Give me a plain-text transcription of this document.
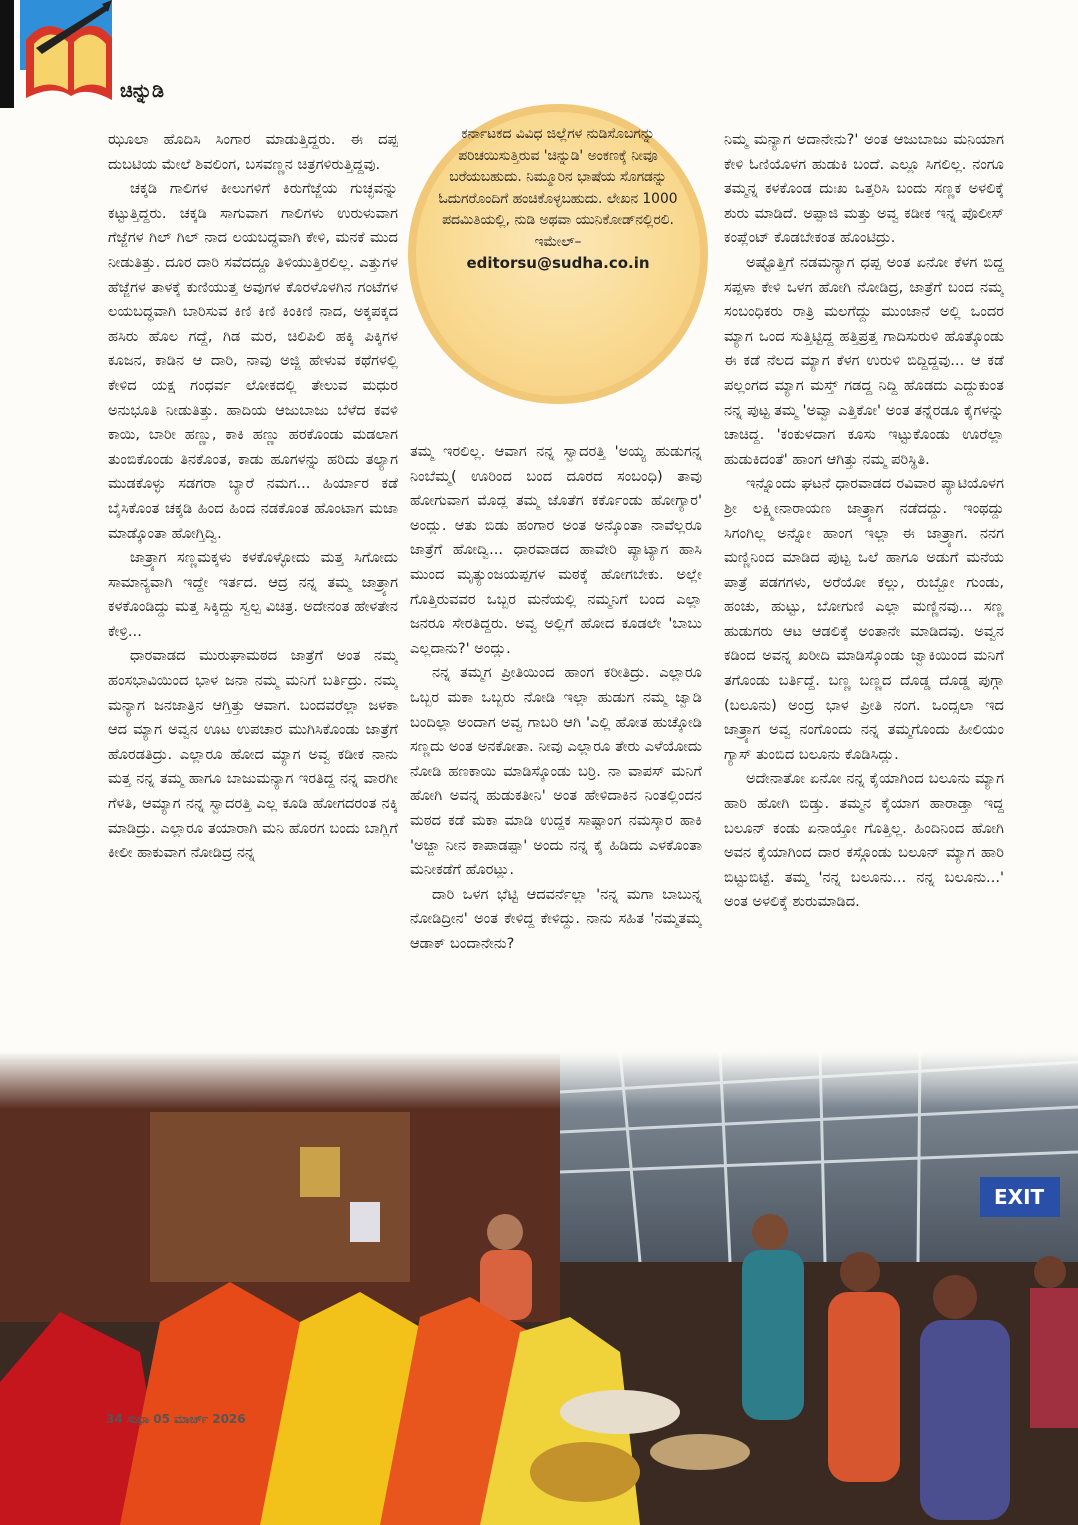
ಚಿನ್ನುಡಿ

ಝೂಲಾ ಹೊದಿಸಿ ಸಿಂಗಾರ ಮಾಡುತ್ತಿದ್ದರು. ಈ ದಪ್ಪ ದುಬಟಿಯ ಮೇಲೆ ಶಿವಲಿಂಗ, ಬಸವಣ್ಣನ ಚಿತ್ರಗಳಿರುತ್ತಿದ್ದವು.

ಚಕ್ಕಡಿ ಗಾಲಿಗಳ ಕೀಲುಗಳಿಗೆ ಕಿರುಗೆಜ್ಜೆಯ ಗುಚ್ಛವನ್ನು ಕಟ್ಟುತ್ತಿದ್ದರು. ಚಕ್ಕಡಿ ಸಾಗುವಾಗ ಗಾಲಿಗಳು ಉರುಳುವಾಗ ಗೆಜ್ಜೆಗಳ ಗಿಲ್ ಗಿಲ್ ನಾದ ಲಯಬದ್ಧವಾಗಿ ಕೇಳಿ, ಮನಕೆ ಮುದ ನೀಡುತಿತ್ತು. ದೂರ ದಾರಿ ಸವೆದದ್ದೂ ತಿಳಿಯುತ್ತಿರಲಿಲ್ಲ. ಎತ್ತುಗಳ ಹೆಜ್ಜೆಗಳ ತಾಳಕ್ಕೆ ಕುಣಿಯುತ್ತ ಅವುಗಳ ಕೊರಳೊಳಗಿನ ಗಂಟೆಗಳ ಲಯಬದ್ಧವಾಗಿ ಬಾರಿಸುವ ಕಿಣಿ ಕಿಣಿ ಕಿಂಕಿಣಿ ನಾದ, ಅಕ್ಕಪಕ್ಕದ ಹಸಿರು ಹೊಲ ಗದ್ದೆ, ಗಿಡ ಮರ, ಚಿಲಿಪಿಲಿ ಹಕ್ಕಿ ಪಿಕ್ಕಿಗಳ ಕೂಜನ, ಕಾಡಿನ ಆ ದಾರಿ, ನಾವು ಅಜ್ಜಿ ಹೇಳುವ ಕಥೆಗಳಲ್ಲಿ ಕೇಳಿದ ಯಕ್ಷ ಗಂಧರ್ವ ಲೋಕದಲ್ಲಿ ತೇಲುವ ಮಧುರ ಅನುಭೂತಿ ನೀಡುತಿತ್ತು. ಹಾದಿಯ ಆಜುಬಾಜು ಬೆಳೆದ ಕವಳಿ ಕಾಯಿ, ಬಾರೀ ಹಣ್ಣು, ಕಾಕಿ ಹಣ್ಣು ಹರಕೊಂಡು ಮಡಲಾಗ ತುಂಬಿಕೊಂಡು ತಿನಕೊಂತ, ಕಾಡು ಹೂಗಳನ್ನು ಹರಿದು ತಲ್ಯಾಗ ಮುಡಕೊಳ್ಳು ಸಡಗರಾ ಬ್ಯಾರೆ ನಮಗ... ಹಿರ್ಯಾರ ಕಡೆ ಬೈಸಿಕೊಂತ ಚಕ್ಕಡಿ ಹಿಂದ ಹಿಂದ ನಡಕೊಂತ ಹೊಂಟಾಗ ಮಜಾ ಮಾಡ್ಕೊಂತಾ ಹೋಗ್ತಿದ್ವಿ.

ಜಾತ್ರ್ಯಾಗ ಸಣ್ಣಮಕ್ಕಳು ಕಳಕೊಳ್ಳೋದು ಮತ್ತ ಸಿಗೋದು ಸಾಮಾನ್ಯವಾಗಿ ಇದ್ದೇ ಇರ್ತದ. ಆದ್ರ ನನ್ನ ತಮ್ಮ ಜಾತ್ರ್ಯಾಗ ಕಳಕೊಂಡಿದ್ದು ಮತ್ತ ಸಿಕ್ಕಿದ್ದು ಸ್ವಲ್ಪ ವಿಚಿತ್ರ. ಅದೇನಂತ ಹೇಳತೇನ ಕೇಳ್ರಿ...

ಧಾರವಾಡದ ಮುರುಘಾಮಠದ ಜಾತ್ರೆಗೆ ಅಂತ ನಮ್ಮ ಹಂಸಭಾವಿಯಿಂದ ಭಾಳ ಜನಾ ನಮ್ಮ ಮನಿಗೆ ಬರ್ತಿದ್ರು. ನಮ್ಮ ಮನ್ಯಾಗ ಜನಜಾತ್ರಿನ ಆಗ್ತಿತ್ತು ಆವಾಗ. ಬಂದವರೆಲ್ಲಾ ಜಳಕಾ ಆದ ಮ್ಯಾಗ ಅವ್ವನ ಊಟ ಉಪಚಾರ ಮುಗಿಸಿಕೊಂಡು ಜಾತ್ರೆಗೆ ಹೊರಡತಿದ್ರು. ಎಲ್ಲಾರೂ ಹೋದ ಮ್ಯಾಗ ಅವ್ವ ಕಡೀಕ ನಾನು ಮತ್ತ ನನ್ನ ತಮ್ಮ ಹಾಗೂ ಬಾಜುಮನ್ಯಾಗ ಇರತಿದ್ದ ನನ್ನ ವಾರಗೀ ಗೆಳತಿ, ಆಮ್ಯಾಗ ನನ್ನ ಸ್ವಾದರತ್ತಿ ಎಲ್ಲ ಕೂಡಿ ಹೋಗದರಂತ ನಕ್ಕಿ ಮಾಡಿದ್ರು. ಎಲ್ಲಾರೂ ತಯಾರಾಗಿ ಮನಿ ಹೊರಗ ಬಂದು ಬಾಗ್ಲಿಗೆ ಕೀಲೀ ಹಾಕುವಾಗ ನೋಡಿದ್ರ ನನ್ನ

ಕರ್ನಾಟಕದ ವಿವಿಧ ಜಿಲ್ಲೆಗಳ ನುಡಿಸೊಬಗನ್ನು ಪರಿಚಯಿಸುತ್ತಿರುವ 'ಚಿನ್ನುಡಿ' ಅಂಕಣಕ್ಕೆ ನೀವೂ ಬರೆಯಬಹುದು. ನಿಮ್ಮೂರಿನ ಭಾಷೆಯ ಸೊಗಡನ್ನು ಓದುಗರೊಂದಿಗೆ ಹಂಚಿಕೊಳ್ಳಬಹುದು. ಲೇಖನ 1000 ಪದಮಿತಿಯಲ್ಲಿ, ನುಡಿ ಅಥವಾ ಯುನಿಕೋಡ್‌ನಲ್ಲಿರಲಿ. ಇಮೇಲ್–
editorsu@sudha.co.in

ತಮ್ಮ ಇರಲಿಲ್ಲ. ಆವಾಗ ನನ್ನ ಸ್ವಾದರತ್ತಿ 'ಅಯ್ಯ ಹುಡುಗನ್ನ ನಿಂಬೆಮ್ಮ( ಊರಿಂದ ಬಂದ ದೂರದ ಸಂಬಂಧಿ) ತಾವು ಹೋಗುವಾಗ ಮೊದ್ಲ ತಮ್ಮ ಜೊತೆಗ ಕರ್ಕೊಂಡು ಹೋಗ್ಯಾರ' ಅಂದ್ಲು. ಆತು ಬಿಡು ಹಂಗಾರ ಅಂತ ಅನ್ಕೊಂತಾ ನಾವೆಲ್ಲರೂ ಜಾತ್ರೆಗೆ ಹೋದ್ವಿ... ಧಾರವಾಡದ ಹಾವೇರಿ ಪ್ಯಾಟ್ಯಾಗ ಹಾಸಿ ಮುಂದ ಮೃತ್ಯುಂಜಯಪ್ಪಗಳ ಮಠಕ್ಕೆ ಹೋಗಬೇಕು. ಅಲ್ಲೇ ಗೊತ್ತಿರುವವರ ಒಬ್ಬರ ಮನೆಯಲ್ಲಿ ನಮ್ಮನಿಗೆ ಬಂದ ಎಲ್ಲಾ ಜನರೂ ಸೇರತಿದ್ದರು. ಅವ್ವ ಅಲ್ಲಿಗೆ ಹೋದ ಕೂಡಲೇ 'ಬಾಬು ಎಲ್ಲದಾನು?' ಅಂದ್ಲು.

ನನ್ನ ತಮ್ಮಗ ಪ್ರೀತಿಯಿಂದ ಹಾಂಗ ಕರೀತಿದ್ರು. ಎಲ್ಲಾರೂ ಒಬ್ಬರ ಮಕಾ ಒಬ್ಬರು ನೋಡಿ ಇಲ್ಲಾ ಹುಡುಗ ನಮ್ಮ ಜ್ವಾಡಿ ಬಂದಿಲ್ಲಾ ಅಂದಾಗ ಅವ್ವ ಗಾಬರಿ ಆಗಿ 'ಎಲ್ಲಿ ಹೋತ ಹುಚ್ಕೋಡಿ ಸಣ್ಣದು ಅಂತ ಅನಕೋತಾ. ನೀವು ಎಲ್ಲಾರೂ ತೇರು ಎಳೆಯೋದು ನೋಡಿ ಹಣಕಾಯಿ ಮಾಡಿಸ್ಕೊಂಡು ಬರ್ರಿ. ನಾ ವಾಪಸ್ ಮನಿಗೆ ಹೋಗಿ ಅವನ್ನ ಹುಡುಕತೀನಿ' ಅಂತ ಹೇಳಿದಾಕಿನ ನಿಂತಲ್ಲಿಂದನ ಮಠದ ಕಡೆ ಮಕಾ ಮಾಡಿ ಉದ್ದಕ ಸಾಷ್ಟಾಂಗ ನಮಸ್ಕಾರ ಹಾಕಿ 'ಅಜ್ಜಾ ನೀನ ಕಾಪಾಡಪ್ಪಾ' ಅಂದು ನನ್ನ ಕೈ ಹಿಡಿದು ಎಳಕೊಂತಾ ಮನೀಕಡೆಗೆ ಹೊರಟ್ಲು.

ದಾರಿ ಒಳಗ ಭೆಟ್ಟಿ ಆದವರ್ನೆಲ್ಲಾ 'ನನ್ನ ಮಗಾ ಬಾಬುನ್ನ ನೋಡಿದ್ರೀನ' ಅಂತ ಕೇಳಿದ್ದ ಕೇಳಿದ್ದು. ನಾನು ಸಹಿತ 'ನಮ್ಮತಮ್ಮ ಆಡಾಕ್ ಬಂದಾನೇನು?

ನಿಮ್ಮ ಮನ್ಯಾಗ ಅದಾನೇನು?' ಅಂತ ಆಜುಬಾಜು ಮನಿಯಾಗ ಕೇಳಿ ಓಣಿಯೊಳಗ ಹುಡುಕಿ ಬಂದೆ. ಎಲ್ಲೂ ಸಿಗಲಿಲ್ಲ. ನಂಗೂ ತಮ್ಮನ್ನ ಕಳಕೊಂಡ ದುಃಖ ಒತ್ತರಿಸಿ ಬಂದು ಸಣ್ಣಕ ಅಳಲಿಕ್ಕೆ ಶುರು ಮಾಡಿದೆ. ಅಪ್ಪಾಜಿ ಮತ್ತು ಅವ್ವ ಕಡೀಕ ಇನ್ನ ಪೊಲೀಸ್ ಕಂಪ್ಲೆಂಟ್ ಕೊಡಬೇಕಂತ ಹೊಂಟಿದ್ರು.

ಅಷ್ಟೊತ್ತಿಗೆ ನಡಮನ್ಯಾಗ ಧಪ್ಪ ಅಂತ ಏನೋ ಕೆಳಗ ಬಿದ್ದ ಸಪ್ಪಳಾ ಕೇಳಿ ಒಳಗ ಹೋಗಿ ನೋಡಿದ್ರ, ಜಾತ್ರೆಗೆ ಬಂದ ನಮ್ಮ ಸಂಬಂಧಿಕರು ರಾತ್ರಿ ಮಲಗೆದ್ದು ಮುಂಜಾನೆ ಅಲ್ಲಿ ಒಂದರ ಮ್ಯಾಗ ಒಂದ ಸುತ್ತಿಟ್ಟಿದ್ದ ಹತ್ತಿಪ್ರತ್ತ ಗಾದಿಸುರುಳಿ ಹೊತ್ಕೊಂಡು ಈ ಕಡೆ ನೆಲದ ಮ್ಯಾಗ ಕೆಳಗ ಉರುಳಿ ಬಿದ್ದಿದ್ದವು... ಆ ಕಡೆ ಪಲ್ಲಂಗದ ಮ್ಯಾಗ ಮಸ್ತ್ ಗಡದ್ದ ನಿದ್ದಿ ಹೊಡದು ಎದ್ದುಕುಂತ ನನ್ನ ಪುಟ್ಟ ತಮ್ಮ 'ಅವ್ವಾ ಎತ್ತಿಕೋ' ಅಂತ ತನ್ನೆರಡೂ ಕೈಗಳನ್ನು ಚಾಚಿದ್ದ. 'ಕಂಕುಳದಾಗ ಕೂಸು ಇಟ್ಟುಕೊಂಡು ಊರೆಲ್ಲಾ ಹುಡುಕಿದಂತೆ' ಹಾಂಗ ಆಗಿತ್ತು ನಮ್ಮ ಪರಿಸ್ಥಿತಿ.

ಇನ್ನೊಂದು ಘಟನೆ ಧಾರವಾಡದ ರವಿವಾರ ಪ್ಯಾಟಿಯೊಳಗ ಶ್ರೀ ಲಕ್ಷ್ಮೀನಾರಾಯಣ ಜಾತ್ರ್ಯಾಗ ನಡೆದದ್ದು. ಇಂಥದ್ದು ಸಿಗಂಗಿಲ್ಲ ಅನ್ನೋ ಹಾಂಗ ಇಲ್ಲಾ ಈ ಜಾತ್ರ್ಯಾಗ. ನನಗ ಮಣ್ಣಿನಿಂದ ಮಾಡಿದ ಪುಟ್ಟ ಒಲೆ ಹಾಗೂ ಅಡುಗೆ ಮನೆಯ ಪಾತ್ರೆ ಪಡಗಗಳು, ಅರೆಯೋ ಕಲ್ಲು, ರುಬ್ಬೋ ಗುಂಡು, ಹಂಚು, ಹುಟ್ಟು, ಬೋಗುಣಿ ಎಲ್ಲಾ ಮಣ್ಣಿನವು... ಸಣ್ಣ ಹುಡುಗರು ಆಟ ಆಡಲಿಕ್ಕೆ ಅಂತಾನೇ ಮಾಡಿದವು. ಅವ್ವನ ಕಡಿಂದ ಅವನ್ನ ಖರೀದಿ ಮಾಡಿಸ್ಕೊಂಡು ಜ್ವಾಕಿಯಿಂದ ಮನಿಗೆ ತಗೊಂಡು ಬರ್ತಿದ್ದೆ. ಬಣ್ಣ ಬಣ್ಣದ ದೊಡ್ಡ ದೊಡ್ಡ ಪುಗ್ಗಾ (ಬಲೂನು) ಅಂದ್ರ ಭಾಳ ಪ್ರೀತಿ ನಂಗ. ಒಂದ್ಸಲಾ ಇದ ಜಾತ್ರ್ಯಾಗ ಅವ್ವ ನಂಗೊಂದು ನನ್ನ ತಮ್ಮಗೊಂದು ಹೀಲಿಯಂ ಗ್ಯಾಸ್ ತುಂಬಿದ ಬಲೂನು ಕೊಡಿಸಿದ್ಲು.

ಅದೇನಾತೋ ಏನೋ ನನ್ನ ಕೈಯಾಗಿಂದ ಬಲೂನು ಮ್ಯಾಗ ಹಾರಿ ಹೋಗಿ ಬಿಡ್ತು. ತಮ್ಮನ ಕೈಯಾಗ ಹಾರಾಡ್ತಾ ಇದ್ದ ಬಲೂನ್ ಕಂಡು ಏನಾಯ್ತೋ ಗೊತ್ತಿಲ್ಲ. ಹಿಂದಿನಿಂದ ಹೋಗಿ ಅವನ ಕೈಯಾಗಿಂದ ದಾರ ಕಸ್ಗೊಂಡು ಬಲೂನ್ ಮ್ಯಾಗ ಹಾರಿ ಬಿಟ್ಟುಬಿಟ್ಟೆ. ತಮ್ಮ 'ನನ್ನ ಬಲೂನು... ನನ್ನ ಬಲೂನು...' ಅಂತ ಅಳಲಿಕ್ಕೆ ಶುರುಮಾಡಿದ.

34 ಸುಧಾ 05 ಮಾರ್ಚ್ 2026
